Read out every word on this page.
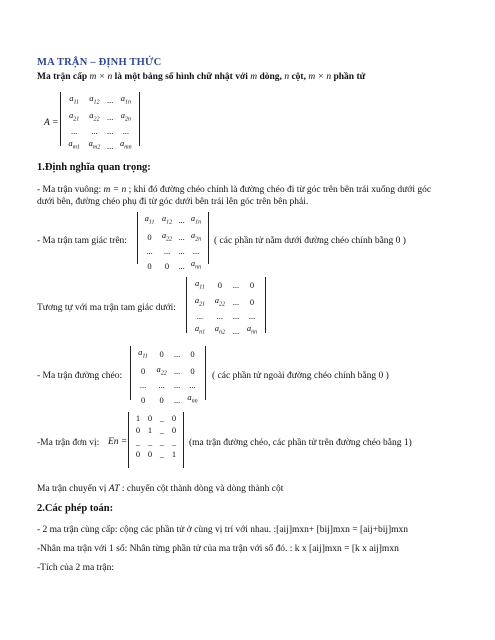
MA TRẬN – ĐỊNH THỨC
Ma trận cấp m × n là một bảng số hình chữ nhật với m dòng, n cột, m × n phần tử
A =
$a_{11}$	$a_{12}$	...	$a_{1n}$
$a_{21}$	$a_{22}$	...	$a_{2n}$
...	...	...	...
$a_{m1}$	$a_{m2}$	...	$a_{mn}$
1.Định nghĩa quan trọng:
- Ma trận vuông: m = n ; khi đó đường chéo chính là đường chéo đi từ góc trên bên trái xuống dưới góc
dưới bên, đường chéo phụ đi từ góc dưới bên trái lên góc trên bên phải.
- Ma trận tam giác trên:
$a_{11}$	$a_{12}$	...	$a_{1n}$
0	$a_{22}$	...	$a_{2n}$
...	...	...	...
0	0	...	$a_{nn}$
( các phần tử nằm dưới đường chéo chính bằng 0 )
Tương tự với ma trận tam giác dưới:
$a_{11}$	0	...	0
$a_{21}$	$a_{22}$	...	0
...	...	...	...
$a_{n1}$	$a_{n2}$	...	$a_{nn}$
- Ma trận đường chéo:
$a_{11}$	0	...	0
0	$a_{22}$	...	0
...	...	...	...
0	0	...	$a_{nn}$
( các phần tử ngoài đường chéo chính bằng 0 )
-Ma trận đơn vị: En =
1	0	_	0
0	1	_	0
_	_	_	_
0	0	_	1
(ma trận đường chéo, các phần tử trên đường chéo bằng 1)
Ma trận chuyển vị AT : chuyển cột thành dòng và dòng thành cột
2.Các phép toán:
- 2 ma trận cùng cấp: cộng các phần tử ở cùng vị trí với nhau. :[aij]mxn+ [bij]mxn = [aij+bij]mxn
-Nhân ma trận với 1 số: Nhân từng phần tử của ma trận với số đó. : k x [aij]mxn = [k x aij]mxn
-Tích của 2 ma trận:
